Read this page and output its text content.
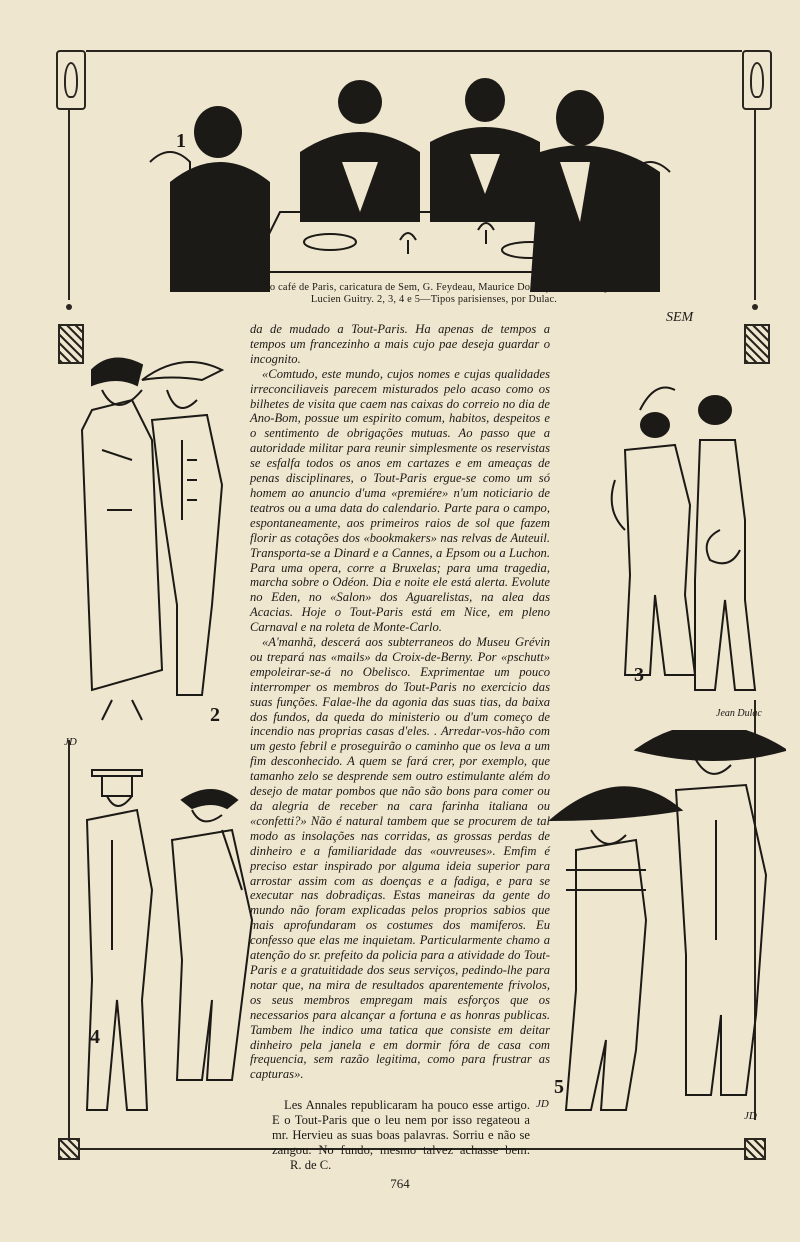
1
A
B	C
D
SEM
1—No café de Paris, caricatura de Sem, G. Feydeau, Maurice Donnay, Alfredo Capus, Lucien Guitry. 2, 3, 4 e 5—Tipos parisienses, por Dulac.
2
JD
3
Jean Dulac
4
5
JD
JD

da de mudado a Tout-Paris. Ha apenas de tempos a tempos um francezinho a mais cujo pae deseja guardar o incognito.

«Comtudo, este mundo, cujos nomes e cujas qualidades irreconciliaveis parecem misturados pelo acaso como os bilhetes de visita que caem nas caixas do correio no dia de Ano-Bom, possue um espirito comum, habitos, despeitos e o sentimento de obrigações mutuas. Ao passo que a autoridade militar para reunir simplesmente os reservistas se esfalfa todos os anos em cartazes e em ameaças de penas disciplinares, o Tout-Paris ergue-se como um só homem ao anuncio d'uma «premiére» n'um noticiario de teatros ou a uma data do calendario. Parte para o campo, espontaneamente, aos primeiros raios de sol que fazem florir as cotações dos «bookmakers» nas relvas de Auteuil. Transporta-se a Dinard e a Cannes, a Epsom ou a Luchon. Para uma opera, corre a Bruxelas; para uma tragedia, marcha sobre o Odéon. Dia e noite ele está alerta. Evolute no Eden, no «Salon» dos Aguarelistas, na alea das Acacias. Hoje o Tout-Paris está em Nice, em pleno Carnaval e na roleta de Monte-Carlo.

«A'manhã, descerá aos subterraneos do Museu Grévin ou trepará nas «mails» da Croix-de-Berny. Por «pschutt» empoleirar-se-á no Obelisco. Exprimentae um pouco interromper os membros do Tout-Paris no exercicio das suas funções. Falae-lhe da agonia das suas tias, da baixa dos fundos, da queda do ministerio ou d'um começo de incendio nas proprias casas d'eles. . Arredar-vos-hão com um gesto febril e proseguirão o caminho que os leva a um fim desconhecido. A quem se fará crer, por exemplo, que tamanho zelo se desprende sem outro estimulante além do desejo de matar pombos que não são bons para comer ou da alegria de receber na cara farinha italiana ou «confetti?» Não é natural tambem que se procurem de tal modo as insolações nas corridas, as grossas perdas de dinheiro e a familiaridade das «ouvreuses». Emfim é preciso estar inspirado por alguma ideia superior para arrostar assim com as doenças e a fadiga, e para se executar nas dobradiças. Estas maneiras da gente do mundo não foram explicadas pelos proprios sabios que mais aprofundaram os costumes dos mamiferos. Eu confesso que elas me inquietam. Particularmente chamo a atenção do sr. prefeito da policia para a atividade do Tout-Paris e a gratuitidade dos seus serviços, pedindo-lhe para notar que, na mira de resultados aparentemente frivolos, os seus membros empregam mais esforços que os necessarios para alcançar a fortuna e as honras publicas. Tambem lhe indico uma tatica que consiste em deitar dinheiro pela janela e em dormir fóra de casa com frequencia, sem razão legitima, como para frustrar as capturas».

Les Annales republicaram ha pouco esse artigo. E o Tout-Paris que o leu nem por isso regateou a mr. Hervieu as suas boas palavras. Sorriu e não se zangou. No fundo, mesmo talvez achasse bem. R. de C.
764
